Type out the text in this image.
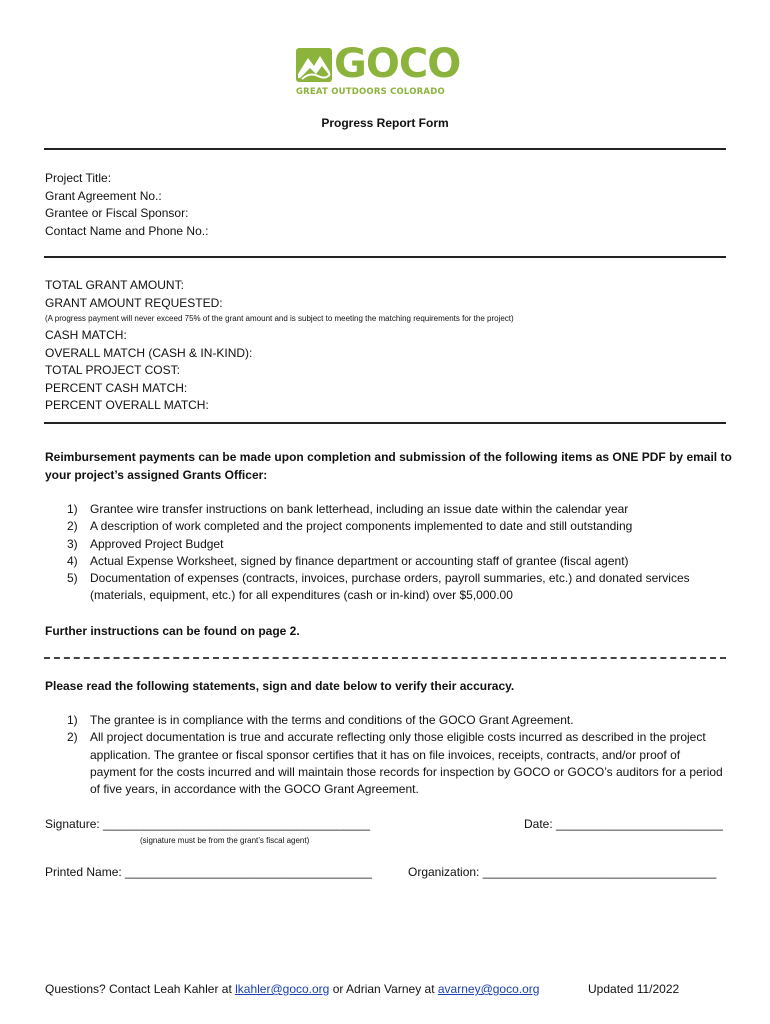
GOCO
GREAT OUTDOORS COLORADO
Progress Report Form
Project Title:
Grant Agreement No.:
Grantee or Fiscal Sponsor:
Contact Name and Phone No.:
TOTAL GRANT AMOUNT:
GRANT AMOUNT REQUESTED:
(A progress payment will never exceed 75% of the grant amount and is subject to meeting the matching requirements for the project)
CASH MATCH:
OVERALL MATCH (CASH & IN-KIND):
TOTAL PROJECT COST:
PERCENT CASH MATCH:
PERCENT OVERALL MATCH:
Reimbursement payments can be made upon completion and submission of the following items as ONE PDF by email to your project’s assigned Grants Officer:
1) Grantee wire transfer instructions on bank letterhead, including an issue date within the calendar year
2) A description of work completed and the project components implemented to date and still outstanding
3) Approved Project Budget
4) Actual Expense Worksheet, signed by finance department or accounting staff of grantee (fiscal agent)
5) Documentation of expenses (contracts, invoices, purchase orders, payroll summaries, etc.) and donated services (materials, equipment, etc.) for all expenditures (cash or in-kind) over $5,000.00
Further instructions can be found on page 2.
Please read the following statements, sign and date below to verify their accuracy.
1) The grantee is in compliance with the terms and conditions of the GOCO Grant Agreement.
2) All project documentation is true and accurate reflecting only those eligible costs incurred as described in the project application. The grantee or fiscal sponsor certifies that it has on file invoices, receipts, contracts, and/or proof of payment for the costs incurred and will maintain those records for inspection by GOCO or GOCO’s auditors for a period of five years, in accordance with the GOCO Grant Agreement.
Signature: ________________________________________
(signature must be from the grant’s fiscal agent)
Date: _________________________
Printed Name: _____________________________________	Organization: ___________________________________
Questions? Contact Leah Kahler at lkahler@goco.org or Adrian Varney at avarney@goco.org	Updated 11/2022
